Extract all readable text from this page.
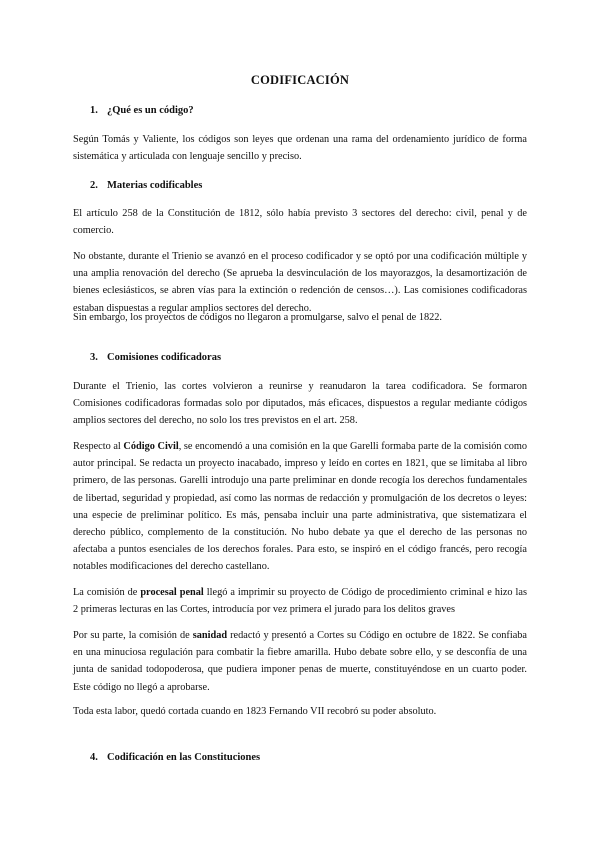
CODIFICACIÓN
1. ¿Qué es un código?

Según Tomás y Valiente, los códigos son leyes que ordenan una rama del ordenamiento jurídico de forma sistemática y articulada con lenguaje sencillo y preciso.

2. Materias codificables

El artículo 258 de la Constitución de 1812, sólo había previsto 3 sectores del derecho: civil, penal y de comercio.

No obstante, durante el Trienio se avanzó en el proceso codificador y se optó por una codificación múltiple y una amplia renovación del derecho (Se aprueba la desvinculación de los mayorazgos, la desamortización de bienes eclesiásticos, se abren vías para la extinción o redención de censos…). Las comisiones codificadoras estaban dispuestas a regular amplios sectores del derecho.

Sin embargo, los proyectos de códigos no llegaron a promulgarse, salvo el penal de 1822.

3. Comisiones codificadoras

Durante el Trienio, las cortes volvieron a reunirse y reanudaron la tarea codificadora. Se formaron Comisiones codificadoras formadas solo por diputados, más eficaces, dispuestos a regular mediante códigos amplios sectores del derecho, no solo los tres previstos en el art. 258.

Respecto al Código Civil, se encomendó a una comisión en la que Garelli formaba parte de la comisión como autor principal. Se redacta un proyecto inacabado, impreso y leído en cortes en 1821, que se limitaba al libro primero, de las personas. Garelli introdujo una parte preliminar en donde recogía los derechos fundamentales de libertad, seguridad y propiedad, así como las normas de redacción y promulgación de los decretos o leyes: una especie de preliminar político. Es más, pensaba incluir una parte administrativa, que sistematizara el derecho público, complemento de la constitución. No hubo debate ya que el derecho de las personas no afectaba a puntos esenciales de los derechos forales. Para esto, se inspiró en el código francés, pero recogía notables modificaciones del derecho castellano.

La comisión de procesal penal llegó a imprimir su proyecto de Código de procedimiento criminal e hizo las 2 primeras lecturas en las Cortes, introducía por vez primera el jurado para los delitos graves

Por su parte, la comisión de sanidad redactó y presentó a Cortes su Código en octubre de 1822. Se confiaba en una minuciosa regulación para combatir la fiebre amarilla. Hubo debate sobre ello, y se desconfía de una junta de sanidad todopoderosa, que pudiera imponer penas de muerte, constituyéndose en un cuarto poder. Este código no llegó a aprobarse.

Toda esta labor, quedó cortada cuando en 1823 Fernando VII recobró su poder absoluto.

4. Codificación en las Constituciones
